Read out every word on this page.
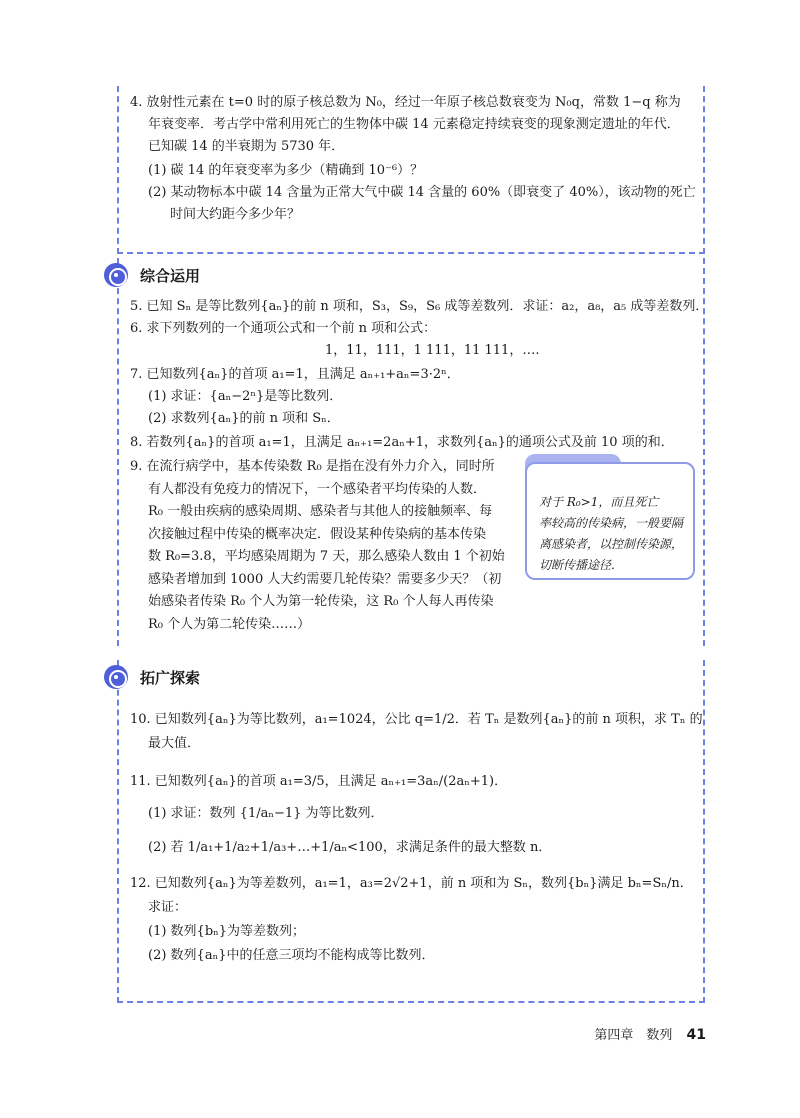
4. 放射性元素在 t=0 时的原子核总数为 N₀，经过一年原子核总数衰变为 N₀q，常数 1−q 称为
年衰变率．考古学中常利用死亡的生物体中碳 14 元素稳定持续衰变的现象测定遗址的年代．
已知碳 14 的半衰期为 5730 年．
(1) 碳 14 的年衰变率为多少（精确到 10⁻⁶）？
(2) 某动物标本中碳 14 含量为正常大气中碳 14 含量的 60%（即衰变了 40%），该动物的死亡
时间大约距今多少年？
综合运用
5. 已知 Sₙ 是等比数列{aₙ}的前 n 项和，S₃，S₉，S₆ 成等差数列．求证：a₂，a₈，a₅ 成等差数列．
6. 求下列数列的一个通项公式和一个前 n 项和公式：
1，11，111，1 111，11 111，….
7. 已知数列{aₙ}的首项 a₁=1，且满足 aₙ₊₁+aₙ=3·2ⁿ．
(1) 求证：{aₙ−2ⁿ}是等比数列．
(2) 求数列{aₙ}的前 n 项和 Sₙ．
8. 若数列{aₙ}的首项 a₁=1，且满足 aₙ₊₁=2aₙ+1，求数列{aₙ}的通项公式及前 10 项的和．
9. 在流行病学中，基本传染数 R₀ 是指在没有外力介入，同时所
有人都没有免疫力的情况下，一个感染者平均传染的人数．
R₀ 一般由疾病的感染周期、感染者与其他人的接触频率、每
次接触过程中传染的概率决定．假设某种传染病的基本传染
数 R₀=3.8，平均感染周期为 7 天，那么感染人数由 1 个初始
感染者增加到 1000 人大约需要几轮传染？需要多少天？（初
始感染者传染 R₀ 个人为第一轮传染，这 R₀ 个人每人再传染
R₀ 个人为第二轮传染……）
对于 R₀>1，而且死亡
率较高的传染病，一般要隔
离感染者，以控制传染源，
切断传播途径．
拓广探索
10. 已知数列{aₙ}为等比数列，a₁=1024，公比 q=1/2．若 Tₙ 是数列{aₙ}的前 n 项积，求 Tₙ 的
最大值．
11. 已知数列{aₙ}的首项 a₁=3/5，且满足 aₙ₊₁=3aₙ/(2aₙ+1)．
(1) 求证：数列 {1/aₙ−1} 为等比数列．
(2) 若 1/a₁+1/a₂+1/a₃+…+1/aₙ<100，求满足条件的最大整数 n．
12. 已知数列{aₙ}为等差数列，a₁=1，a₃=2√2+1，前 n 项和为 Sₙ，数列{bₙ}满足 bₙ=Sₙ/n．
求证：
(1) 数列{bₙ}为等差数列；
(2) 数列{aₙ}中的任意三项均不能构成等比数列．
第四章　数列 41
